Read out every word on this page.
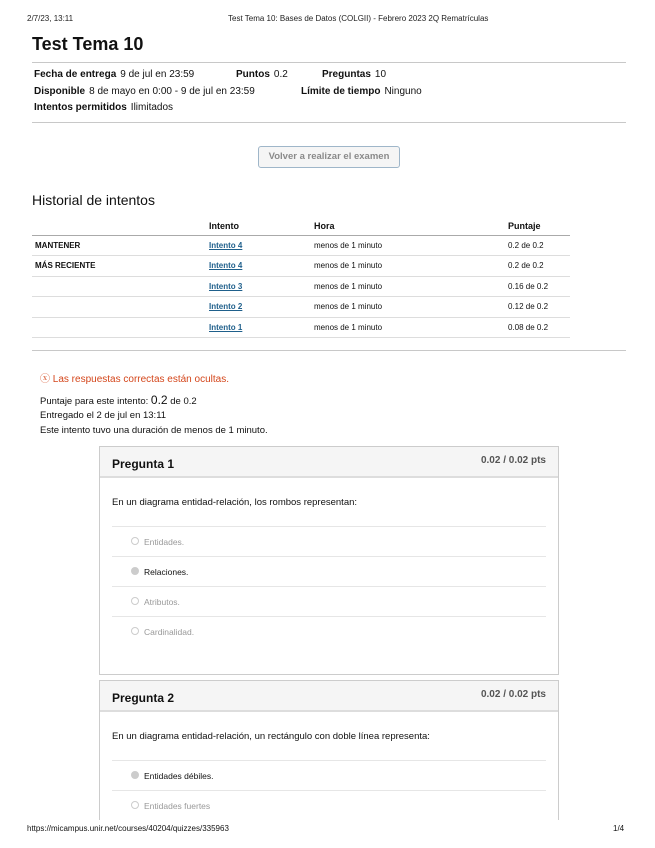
2/7/23, 13:11	Test Tema 10: Bases de Datos (COLGII) - Febrero 2023 2Q Rematrículas
Test Tema 10
Fecha de entrega 9 de jul en 23:59	Puntos 0.2	Preguntas 10
Disponible 8 de mayo en 0:00 - 9 de jul en 23:59	Límite de tiempo Ninguno
Intentos permitidos Ilimitados
Volver a realizar el examen
Historial de intentos
	Intento	Hora	Puntaje
MANTENER	Intento 4	menos de 1 minuto	0.2 de 0.2
MÁS RECIENTE	Intento 4	menos de 1 minuto	0.2 de 0.2
	Intento 3	menos de 1 minuto	0.16 de 0.2
	Intento 2	menos de 1 minuto	0.12 de 0.2
	Intento 1	menos de 1 minuto	0.08 de 0.2
ⓧ Las respuestas correctas están ocultas.
Puntaje para este intento: 0.2 de 0.2
Entregado el 2 de jul en 13:11
Este intento tuvo una duración de menos de 1 minuto.
Pregunta 1	0.02 / 0.02 pts
En un diagrama entidad-relación, los rombos representan:
Entidades.
Relaciones.
Atributos.
Cardinalidad.
Pregunta 2	0.02 / 0.02 pts
En un diagrama entidad-relación, un rectángulo con doble línea representa:
Entidades débiles.
Entidades fuertes
https://micampus.unir.net/courses/40204/quizzes/335963	1/4
